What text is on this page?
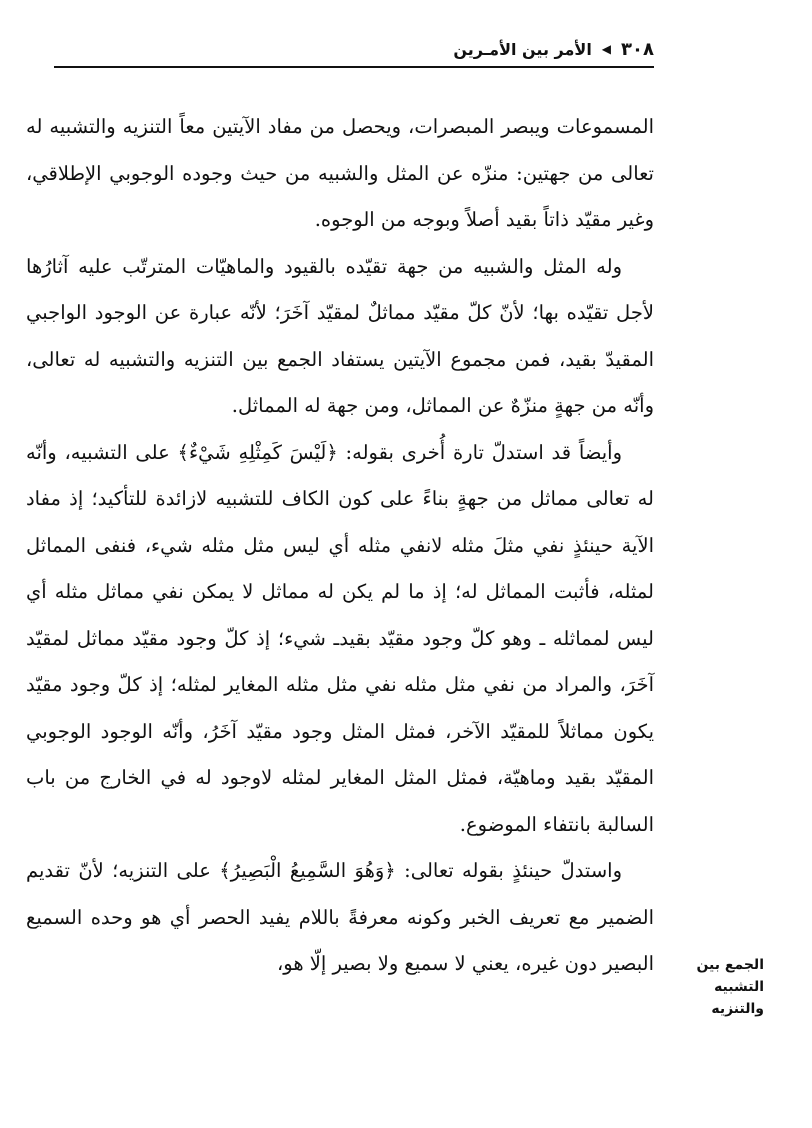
٣٠٨
◀
الأمر بين الأمـرين

المسموعات ويبصر المبصرات، ويحصل من مفاد الآيتين معاً التنزيه والتشبيه له تعالى من جهتين: منزّه عن المثل والشبيه من حيث وجوده الوجوبي الإطلاقي، وغير مقيّد ذاتاً بقيد أصلاً وبوجه من الوجوه.

وله المثل والشبيه من جهة تقيّده بالقيود والماهيّات المترتّب عليه آثارُها لأجل تقيّده بها؛ لأنّ كلّ مقيّد مماثلٌ لمقيّد آخَرَ؛ لأنّه عبارة عن الوجود الواجبي المقيدّ بقيد، فمن مجموع الآيتين يستفاد الجمع بين التنزيه والتشبيه له تعالى، وأنّه من جهةٍ منزّهٌ عن المماثل، ومن جهة له المماثل.

وأيضاً قد استدلّ تارة أُخرى بقوله: ﴿لَيْسَ كَمِثْلِهِ شَيْءٌ﴾ على التشبيه، وأنّه له تعالى مماثل من جهةٍ بناءً على كون الكاف للتشبيه لازائدة للتأكيد؛ إذ مفاد الآية حينئذٍ نفي مثلَ مثله لانفي مثله أي ليس مثل مثله شيء، فنفى المماثل لمثله، فأثبت المماثل له؛ إذ ما لم يكن له مماثل لا يمكن نفي مماثل مثله أي ليس لمماثله ـ وهو كلّ وجود مقيّد بقيدـ شيء؛ إذ كلّ وجود مقيّد مماثل لمقيّد آخَرَ، والمراد من نفي مثل مثله نفي مثل مثله المغاير لمثله؛ إذ كلّ وجود مقيّد يكون مماثلاً للمقيّد الآخر، فمثل المثل وجود مقيّد آخَرُ، وأنّه الوجود الوجوبي المقيّد بقيد وماهيّة، فمثل المثل المغاير لمثله لاوجود له في الخارج من باب السالبة بانتفاء الموضوع.

واستدلّ حينئذٍ بقوله تعالى: ﴿وَهُوَ السَّمِيعُ الْبَصِيرُ﴾ على التنزيه؛ لأنّ تقديم الضمير مع تعريف الخبر وكونه معرفةً باللام يفيد الحصر أي هو وحده السميع البصير دون غيره، يعني لا سميع ولا بصير إلّا هو،	الجمع بين التشبيه والتنزيه
